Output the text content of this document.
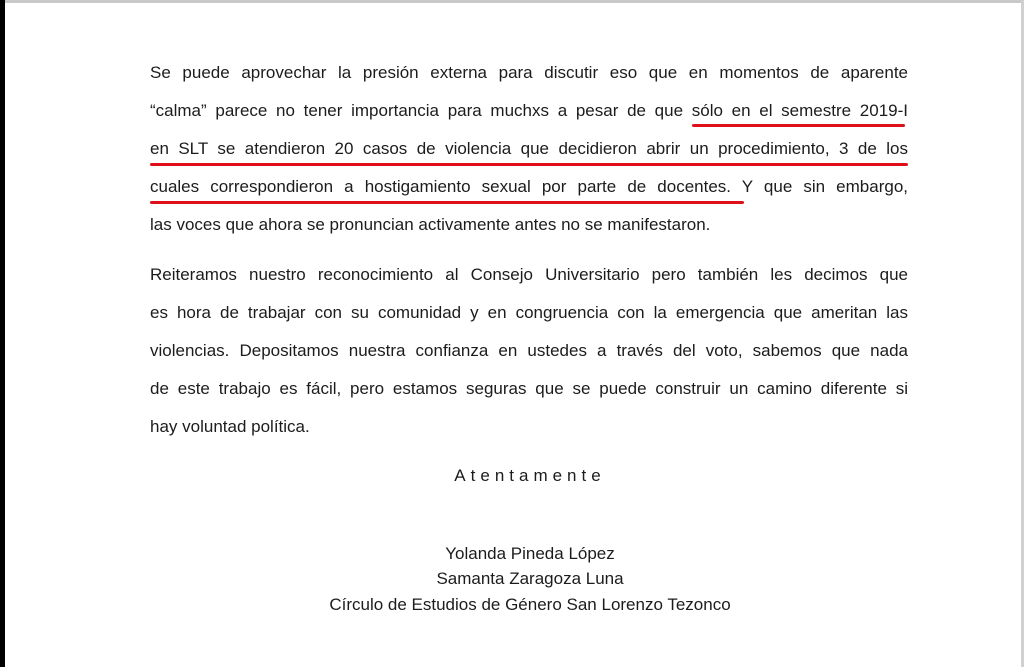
Se puede aprovechar la presión externa para discutir eso que en momentos de aparente
“calma” parece no tener importancia para muchxs a pesar de que sólo en el semestre 2019-I
en SLT se atendieron 20 casos de violencia que decidieron abrir un procedimiento, 3 de los
cuales correspondieron a hostigamiento sexual por parte de docentes. Y que sin embargo,
las voces que ahora se pronuncian activamente antes no se manifestaron.
Reiteramos nuestro reconocimiento al Consejo Universitario pero también les decimos que
es hora de trabajar con su comunidad y en congruencia con la emergencia que ameritan las
violencias. Depositamos nuestra confianza en ustedes a través del voto, sabemos que nada
de este trabajo es fácil, pero estamos seguras que se puede construir un camino diferente si
hay voluntad política.
Atentamente
Yolanda Pineda López
Samanta Zaragoza Luna
Círculo de Estudios de Género San Lorenzo Tezonco
